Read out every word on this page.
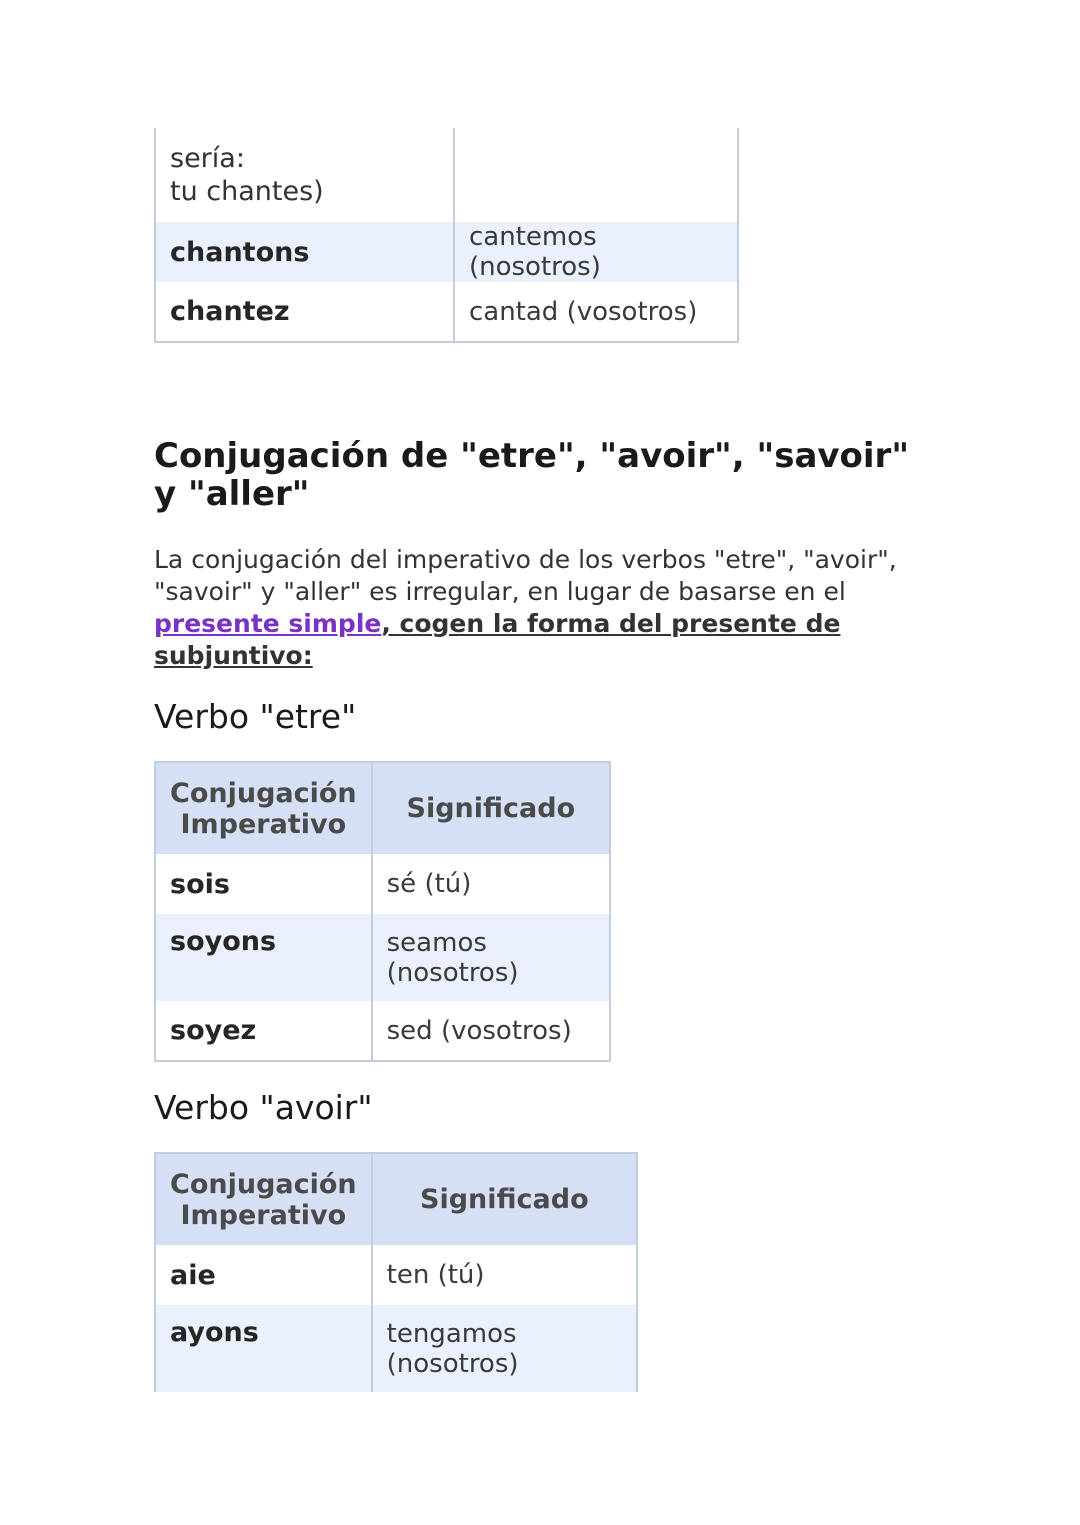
sería:
tu chantes)	

chantons	cantemos (nosotros)
chantez	cantad (vosotros)
Conjugación de "etre", "avoir", "savoir" y "aller"

La conjugación del imperativo de los verbos "etre", "avoir", "savoir" y "aller" es irregular, en lugar de basarse en el presente simple, cogen la forma del presente de subjuntivo:

Verbo "etre"
Conjugación
Imperativo	Significado
sois	sé (tú)
soyons	seamos
(nosotros)

soyez	sed (vosotros)
Verbo "avoir"
Conjugación
Imperativo	Significado
aie	ten (tú)
ayons	tengamos
(nosotros)
